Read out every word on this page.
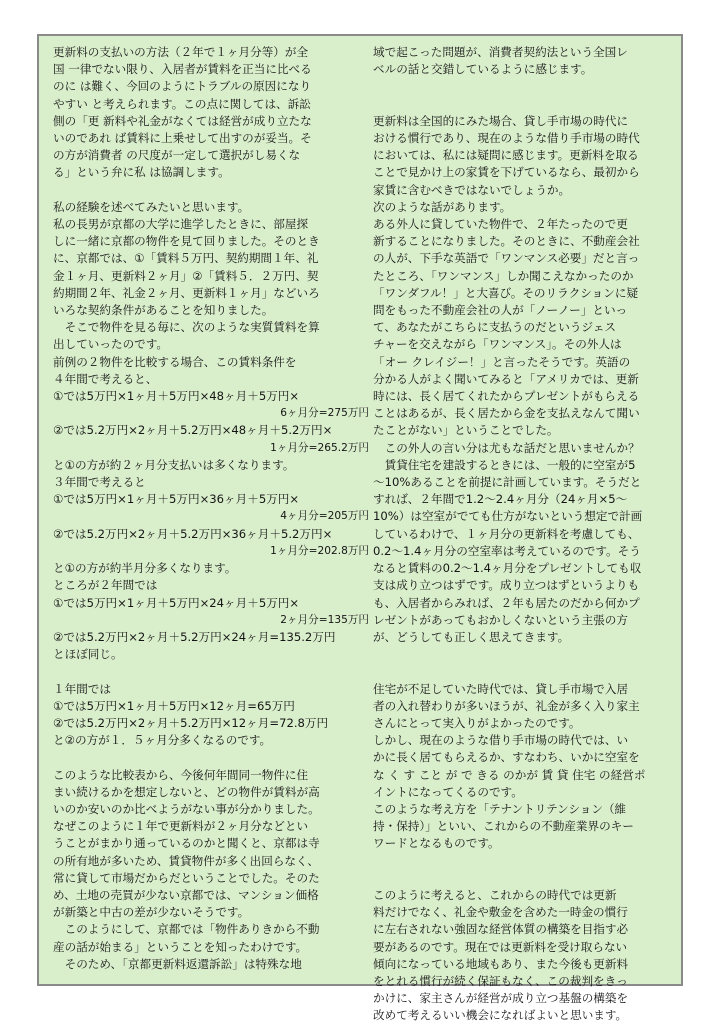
更新料の支払いの方法（２年で１ヶ月分等）が全

国 一律でない限り、入居者が賃料を正当に比べる

のに は難く、今回のようにトラブルの原因になり

やすい と考えられます。この点に関しては、訴訟

側の「更 新料や礼金がなくては経営が成り立たな

いのであれ ば賃料に上乗せして出すのが妥当。そ

の方が消費者 の尺度が一定して選択がし易くな

る」という弁に私 は協調します。

私の経験を述べてみたいと思います。

私の長男が京都の大学に進学したときに、部屋探

しに一緒に京都の物件を見て回りました。そのとき

に、京都では、①「賃料５万円、契約期間１年、礼

金１ヶ月、更新料２ヶ月」②「賃料５．２万円、契

約期間２年、礼金２ヶ月、更新料１ヶ月」などいろ

いろな契約条件があることを知りました。

　そこで物件を見る毎に、次のような実質賃料を算

出していったのです。

前例の２物件を比較する場合、この賃料条件を

４年間で考えると、

①では5万円×1ヶ月＋5万円×48ヶ月＋5万円×

6ヶ月分=275万円

②では5.2万円×2ヶ月＋5.2万円×48ヶ月＋5.2万円×

1ヶ月分=265.2万円

と①の方が約２ヶ月分支払いは多くなります。

３年間で考えると

①では5万円×1ヶ月＋5万円×36ヶ月＋5万円×

4ヶ月分=205万円

②では5.2万円×2ヶ月＋5.2万円×36ヶ月＋5.2万円×

1ヶ月分=202.8万円

と①の方が約半月分多くなります。

ところが２年間では

①では5万円×1ヶ月＋5万円×24ヶ月＋5万円×

2ヶ月分=135万円

②では5.2万円×2ヶ月＋5.2万円×24ヶ月=135.2万円

とほぼ同じ。

１年間では

①では5万円×1ヶ月＋5万円×12ヶ月=65万円

②では5.2万円×2ヶ月＋5.2万円×12ヶ月=72.8万円

と②の方が１．５ヶ月分多くなるのです。

このような比較表から、今後何年間同一物件に住

まい続けるかを想定しないと、どの物件が賃料が高

いのか安いのか比べようがない事が分かりました。

なぜこのように１年で更新料が２ヶ月分などとい

うことがまかり通っているのかと聞くと、京都は寺

の所有地が多いため、賃貸物件が多く出回らなく、

常に貸して市場だからだということでした。そのた

め、土地の売買が少ない京都では、マンション価格

が新築と中古の差が少ないそうです。

　このようにして、京都では「物件ありきから不動

産の話が始まる」ということを知ったわけです。

　そのため、「京都更新料返還訴訟」は特殊な地

域で起こった問題が、消費者契約法という全国レ

ベルの話と交錯しているように感じます。

更新料は全国的にみた場合、貸し手市場の時代に

おける慣行であり、現在のような借り手市場の時代

においては、私には疑問に感じます。更新料を取る

ことで見かけ上の家賃を下げているなら、最初から

家賃に含むべきではないでしょうか。

次のような話があります。

ある外人に貸していた物件で、２年たったので更

新することになりました。そのときに、不動産会社

の人が、下手な英語で「ワンマンス必要」だと言っ

たところ、「ワンマンス」しか聞こえなかったのか

「ワンダフル！」と大喜び。そのリラクションに疑

問をもった不動産会社の人が「ノーノー」といっ

て、あなたがこちらに支払うのだというジェス

チャーを交えながら「ワンマンス」。その外人は

「オー クレイジー！」と言ったそうです。英語の

分かる人がよく聞いてみると「アメリカでは、更新

時には、長く居てくれたからプレゼントがもらえる

ことはあるが、長く居たから金を支払えなんて聞い

たことがない」ということでした。

　この外人の言い分は尤もな話だと思いませんか？

　賃貸住宅を建設するときには、一般的に空室が5

～10%あることを前提に計画しています。そうだと

すれば、２年間で1.2～2.4ヶ月分（24ヶ月×5～

10%）は空室がでても仕方がないという想定で計画

しているわけで、１ヶ月分の更新料を考慮しても、

0.2～1.4ヶ月分の空室率は考えているのです。そう

なると賃料の0.2～1.4ヶ月分をプレゼントしても収

支は成り立つはずです。成り立つはずというよりも

も、入居者からみれば、２年も居たのだから何かプ

レゼントがあってもおかしくないという主張の方

が、どうしても正しく思えてきます。

住宅が不足していた時代では、貸し手市場で入居

者の入れ替わりが多いほうが、礼金が多く入り家主

さんにとって実入りがよかったのです。

しかし、現在のような借り手市場の時代では、い

かに長く居てもらえるか、すなわち、いかに空室を

な く す こと が で きる のかが 賃 貸 住宅 の経営ポ

イントになってくるのです。

このような考え方を「テナントリテンション（維

持・保持）」といい、これからの不動産業界のキー

ワードとなるものです。

このように考えると、これからの時代では更新

料だけでなく、礼金や敷金を含めた一時金の慣行

に左右されない強固な経営体質の構築を目指す必

要があるのです。現在では更新料を受け取らない

傾向になっている地域もあり、また今後も更新料

をとれる慣行が続く保証もなく、この裁判をきっ

かけに、家主さんが経営が成り立つ基盤の構築を

改めて考えるいい機会になればよいと思います。
